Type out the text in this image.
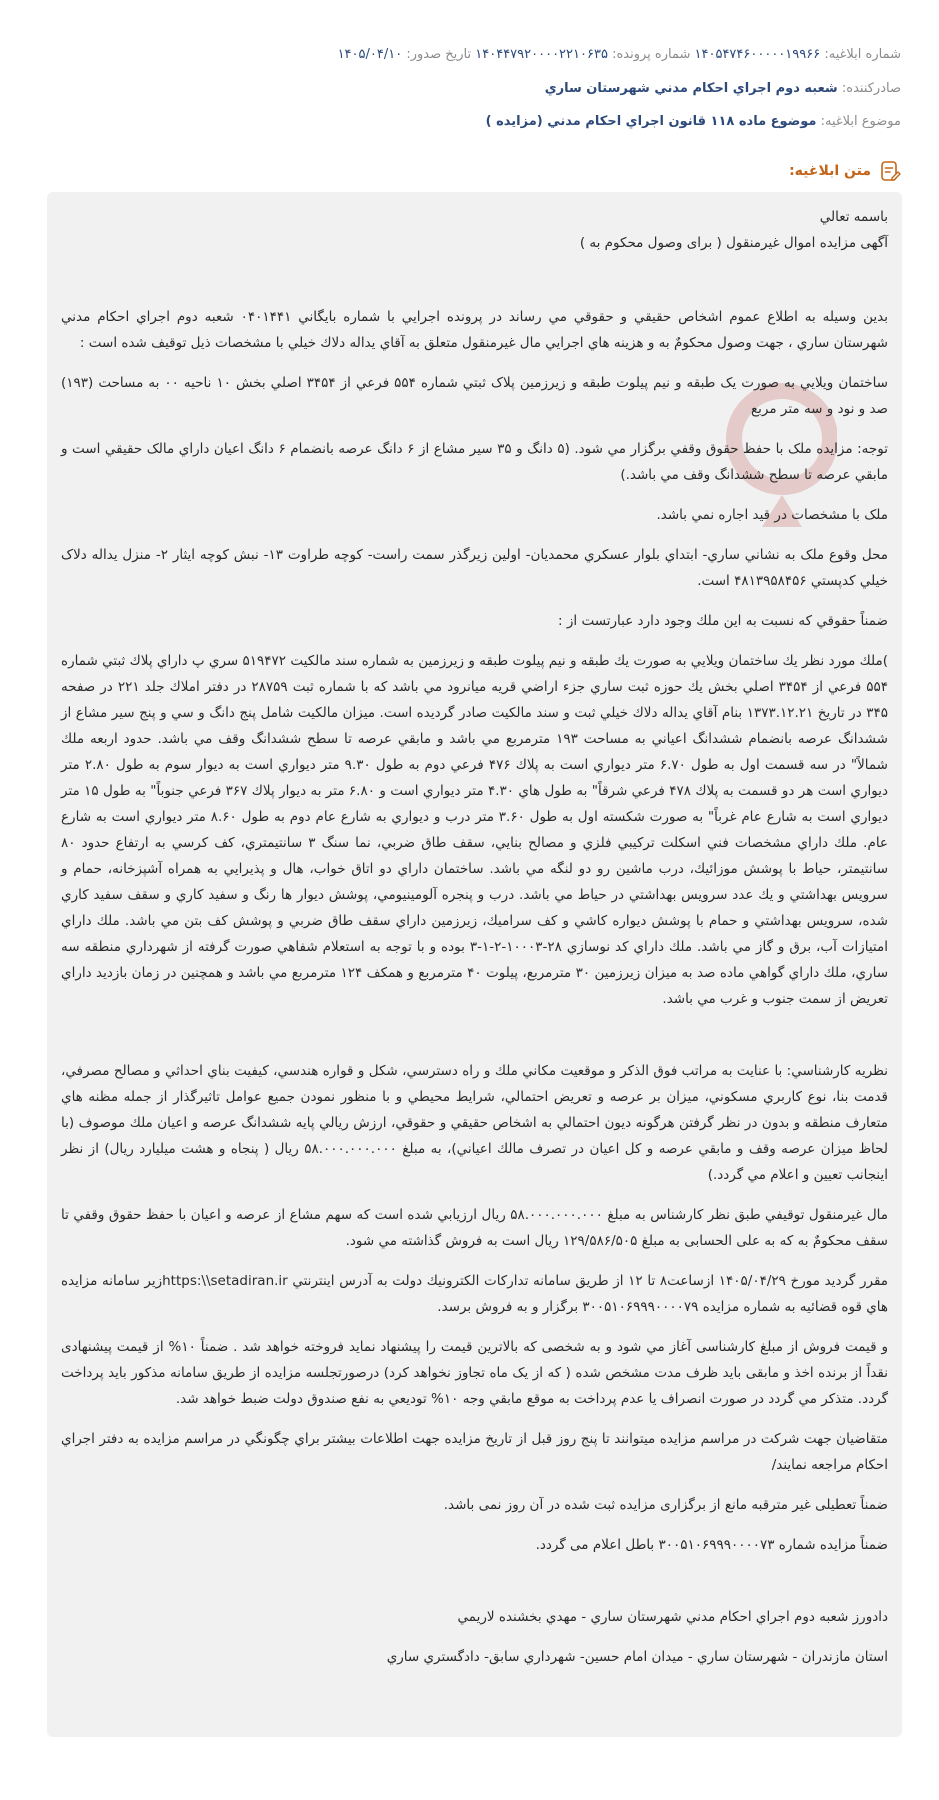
شماره ابلاغيه: ۱۴۰۵۴۷۴۶۰۰۰۰۰۱۹۹۶۶ شماره پرونده: ۱۴۰۴۴۷۹۲۰۰۰۰۲۲۱۰۶۳۵ تاريخ صدور: ۱۴۰۵/۰۴/۱۰
صادرکننده: شعبه دوم اجراي احكام مدني شهرستان ساري
موضوع ابلاغيه: موضوع ماده ۱۱۸ قانون اجراي احکام مدني (مزايده )
متن ابلاغيه:

باسمه تعالي

آگهی مزایده اموال غیرمنقول ( برای وصول محکوم به )

بدين وسيله به اطلاع عموم اشخاص حقيقي و حقوقي مي رساند در پرونده اجرايي با شماره بايگاني ۰۴۰۱۴۴۱ شعبه دوم اجراي احكام مدني شهرستان ساري ، جهت وصول محكومٌ به و هزينه هاي اجرايي مال غيرمنقول متعلق به آقاي يداله دلاك خيلي با مشخصات ذيل توقيف شده است :

ساختمان ويلايي به صورت يک طبقه و نيم پيلوت طبقه و زيرزمين پلاک ثبتي شماره ۵۵۴ فرعي از ۳۴۵۴ اصلي بخش ۱۰ ناحيه ۰۰ به مساحت (۱۹۳) صد و نود و سه متر مربع

توجه: مزايده ملک با حفظ حقوق وقفي برگزار مي شود. (۵ دانگ و ۳۵ سير مشاع از ۶ دانگ عرصه بانضمام ۶ دانگ اعيان داراي مالک حقيقي است و مابقي عرصه تا سطح ششدانگ وقف مي باشد.)

ملک با مشخصات در قيد اجاره نمي باشد.

محل وقوع ملک به نشاني ساري- ابتداي بلوار عسکري محمديان- اولين زيرگذر سمت راست- کوچه طراوت ۱۳- نبش کوچه ايثار ۲- منزل يداله دلاک خيلي کدپستي ۴۸۱۳۹۵۸۴۵۶ است.

ضمناً حقوقي كه نسبت به اين ملك وجود دارد عبارتست از :

)ملك مورد نظر يك ساختمان ويلايي به صورت يك طبقه و نيم پيلوت طبقه و زيرزمين به شماره سند مالكيت ۵۱۹۴۷۲ سري پ داراي پلاك ثبتي شماره ۵۵۴ فرعي از ۳۴۵۴ اصلي بخش يك حوزه ثبت ساري جزء اراضي قريه ميانرود مي باشد كه با شماره ثبت ۲۸۷۵۹ در دفتر املاك جلد ۲۲۱ در صفحه ۳۴۵ در تاريخ ۱۳۷۳.۱۲.۲۱ بنام آقاي يداله دلاك خيلي ثبت و سند مالكيت صادر گرديده است. ميزان مالكيت شامل پنج دانگ و سي و پنج سير مشاع از ششدانگ عرصه بانضمام ششدانگ اعياني به مساحت ۱۹۳ مترمربع مي باشد و مابقي عرصه تا سطح ششدانگ وقف مي باشد. حدود اربعه ملك شمالاً" در سه قسمت اول به طول ۶.۷۰ متر ديواري است به پلاك ۴۷۶ فرعي دوم به طول ۹.۳۰ متر ديواري است به ديوار سوم به طول ۲.۸۰ متر ديواري است هر دو قسمت به پلاك ۴۷۸ فرعي شرقاً" به طول هاي ۴.۳۰ متر ديواري است و ۶.۸۰ متر به ديوار پلاك ۳۶۷ فرعي جنوباً" به طول ۱۵ متر ديواري است به شارع عام غرباً" به صورت شكسته اول به طول ۳.۶۰ متر درب و ديواري به شارع عام دوم به طول ۸.۶۰ متر ديواري است به شارع عام. ملك داراي مشخصات فني اسكلت تركيبي فلزي و مصالح بنايي، سقف طاق ضربي، نما سنگ ۳ سانتيمتري، كف كرسي به ارتفاع حدود ۸۰ سانتيمتر، حياط با پوشش موزائيك، درب ماشين رو دو لنگه مي باشد. ساختمان داراي دو اتاق خواب، هال و پذيرايي به همراه آشپزخانه، حمام و سرويس بهداشتي و يك عدد سرويس بهداشتي در حياط مي باشد. درب و پنجره آلومينيومي، پوشش ديوار ها رنگ و سفيد كاري و سقف سفيد كاري شده، سرويس بهداشتي و حمام با پوشش ديواره كاشي و كف سراميك، زيرزمين داراي سقف طاق ضربي و پوشش كف بتن مي باشد. ملك داراي امتيازات آب، برق و گاز مي باشد. ملك داراي كد نوسازي ۲۸-۱۰۰۰۳-۲-۱-۳ بوده و با توجه به استعلام شفاهي صورت گرفته از شهرداري منطقه سه ساري، ملك داراي گواهي ماده صد به ميزان زيرزمين ۳۰ مترمربع، پيلوت ۴۰ مترمربع و همكف ۱۲۴ مترمربع مي باشد و همچنين در زمان بازديد داراي تعريض از سمت جنوب و غرب مي باشد.

نظريه كارشناسي: با عنايت به مراتب فوق الذكر و موقعيت مكاني ملك و راه دسترسي، شكل و قواره هندسي، كيفيت بناي احداثي و مصالح مصرفي، قدمت بنا، نوع كاربري مسكوني، ميزان بر عرصه و تعريض احتمالي، شرايط محيطي و با منظور نمودن جميع عوامل تاثيرگذار از جمله مظنه هاي متعارف منطقه و بدون در نظر گرفتن هرگونه ديون احتمالي به اشخاص حقيقي و حقوقي، ارزش ريالي پايه ششدانگ عرصه و اعيان ملك موصوف (با لحاظ ميزان عرصه وقف و مابقي عرصه و كل اعيان در تصرف مالك اعياني)، به مبلغ ۵۸.۰۰۰.۰۰۰.۰۰۰ ريال ( پنجاه و هشت ميليارد ريال) از نظر اينجانب تعيين و اعلام مي گردد.)

مال غيرمنقول توقيفي طبق نظر کارشناس به مبلغ ۵۸.۰۰۰.۰۰۰.۰۰۰ ريال ارزيابي شده است که سهم مشاع از عرصه و اعيان با حفظ حقوق وقفي تا سقف محكومٌ به که به علی الحسابی به مبلغ ۱۲۹/۵۸۶/۵۰۵ ريال است به فروش گذاشته مي شود.

مقرر گرديد مورخ ۱۴۰۵/۰۴/۲۹ ازساعت۸ تا ۱۲ از طريق سامانه تداركات الكترونيك دولت به آدرس اينترنتي https:\\setadiran.irزير سامانه مزايده هاي قوه قضائيه به شماره مزايده ۳۰۰۵۱۰۶۹۹۹۰۰۰۰۷۹ برگزار و به فروش برسد.

و قيمت فروش از مبلغ کارشناسی آغاز مي شود و به شخصی که بالاترين قيمت را پيشنهاد نمايد فروخته خواهد شد . ضمناً ۱۰% از قيمت پيشنهادی نقداً از برنده اخذ و مابقی بايد ظرف مدت مشخص شده ( که از يک ماه تجاوز نخواهد کرد) درصورتجلسه مزايده از طريق سامانه مذكور بايد پرداخت گردد. متذکر مي گردد در صورت انصراف يا عدم پرداخت به موقع مابقي وجه ۱۰% توديعي به نفع صندوق دولت ضبط خواهد شد.

متقاضيان جهت شرکت در مراسم مزايده ميتوانند تا پنج روز قبل از تاريخ مزايده جهت اطلاعات بيشتر براي چگونگي در مراسم مزايده به دفتر اجراي احکام مراجعه نمايند/

ضمناً تعطيلی غير مترقبه مانع از برگزاری مزايده ثبت شده در آن روز نمی باشد.

ضمناً مزایده شماره ۳۰۰۵۱۰۶۹۹۹۰۰۰۰۷۳ باطل اعلام می گردد.

دادورز شعبه دوم اجراي احكام مدني شهرستان ساري - مهدي بخشنده لاريمي

استان مازندران - شهرستان ساري - ميدان امام حسين- شهرداري سابق- دادگستري ساري
